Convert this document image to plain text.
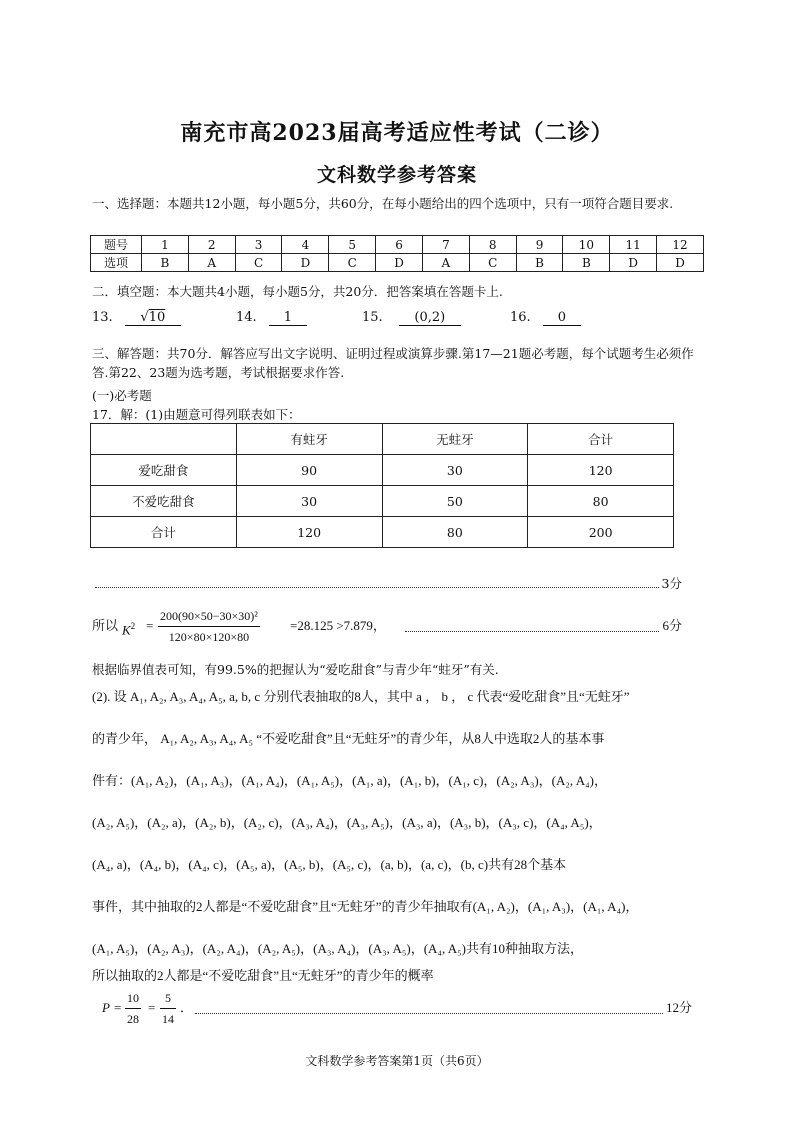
南充市高2023届高考适应性考试（二诊）
文科数学参考答案
一、选择题：本题共12小题，每小题5分，共60分，在每小题给出的四个选项中，只有一项符合题目要求.
题号	1	2	3	4	5	6	7	8	9	10	11	12
选项	B	A	C	D	C	D	A	C	B	B	D	D
二．填空题：本大题共4小题，每小题5分，共20分．把答案填在答题卡上.
13. √10	14. 1	15. (0,2)	16. 0
三、解答题：共70分．解答应写出文字说明、证明过程或演算步骤.第17—21题必考题，每个试题考生必须作答.第22、23题为选考题，考试根据要求作答.
(一)必考题
17．解：(1)由题意可得列联表如下：
	有蛀牙	无蛀牙	合计
爱吃甜食	90	30	120
不爱吃甜食	30	50	80
合计	120	80	200
3分
所以 $K^2 = \frac{\text{200(90×50−30×30)²}}{120\times 80\times 120\times 80} =28.125 >7.879$，	6分
根据临界值表可知，有99.5%的把握认为“爱吃甜食”与青少年“蛀牙”有关.
(2). 设 A₁, A₂, A₃, A₄, A₅, a, b, c 分别代表抽取的8人，其中 a ， b ， c 代表“爱吃甜食”且“无蛀牙”
的青少年， A₁, A₂, A₃, A₄, A₅ “不爱吃甜食”且“无蛀牙”的青少年，从8人中选取2人的基本事
件有：(A₁, A₂)，(A₁, A₃)，(A₁, A₄)，(A₁, A₅)，(A₁, a)，(A₁, b)，(A₁, c)，(A₂, A₃)，(A₂, A₄)，
(A₂, A₅)，(A₂, a)，(A₂, b)，(A₂, c)，(A₃, A₄)，(A₃, A₅)，(A₃, a)，(A₃, b)，(A₃, c)，(A₄, A₅)，
(A₄, a)，(A₄, b)，(A₄, c)，(A₅, a)，(A₅, b)，(A₅, c)，(a, b)，(a, c)，(b, c)共有28个基本
事件，其中抽取的2人都是“不爱吃甜食”且“无蛀牙”的青少年抽取有(A₁, A₂)，(A₁, A₃)，(A₁, A₄)，
(A₁, A₅)，(A₂, A₃)，(A₂, A₄)，(A₂, A₅)，(A₃, A₄)，(A₃, A₅)，(A₄, A₅)共有10种抽取方法，
所以抽取的2人都是“不爱吃甜食”且“无蛀牙”的青少年的概率
$P = \frac{10}{28} = \frac{5}{14}$ ．	12分
文科数学参考答案第1页（共6页）
